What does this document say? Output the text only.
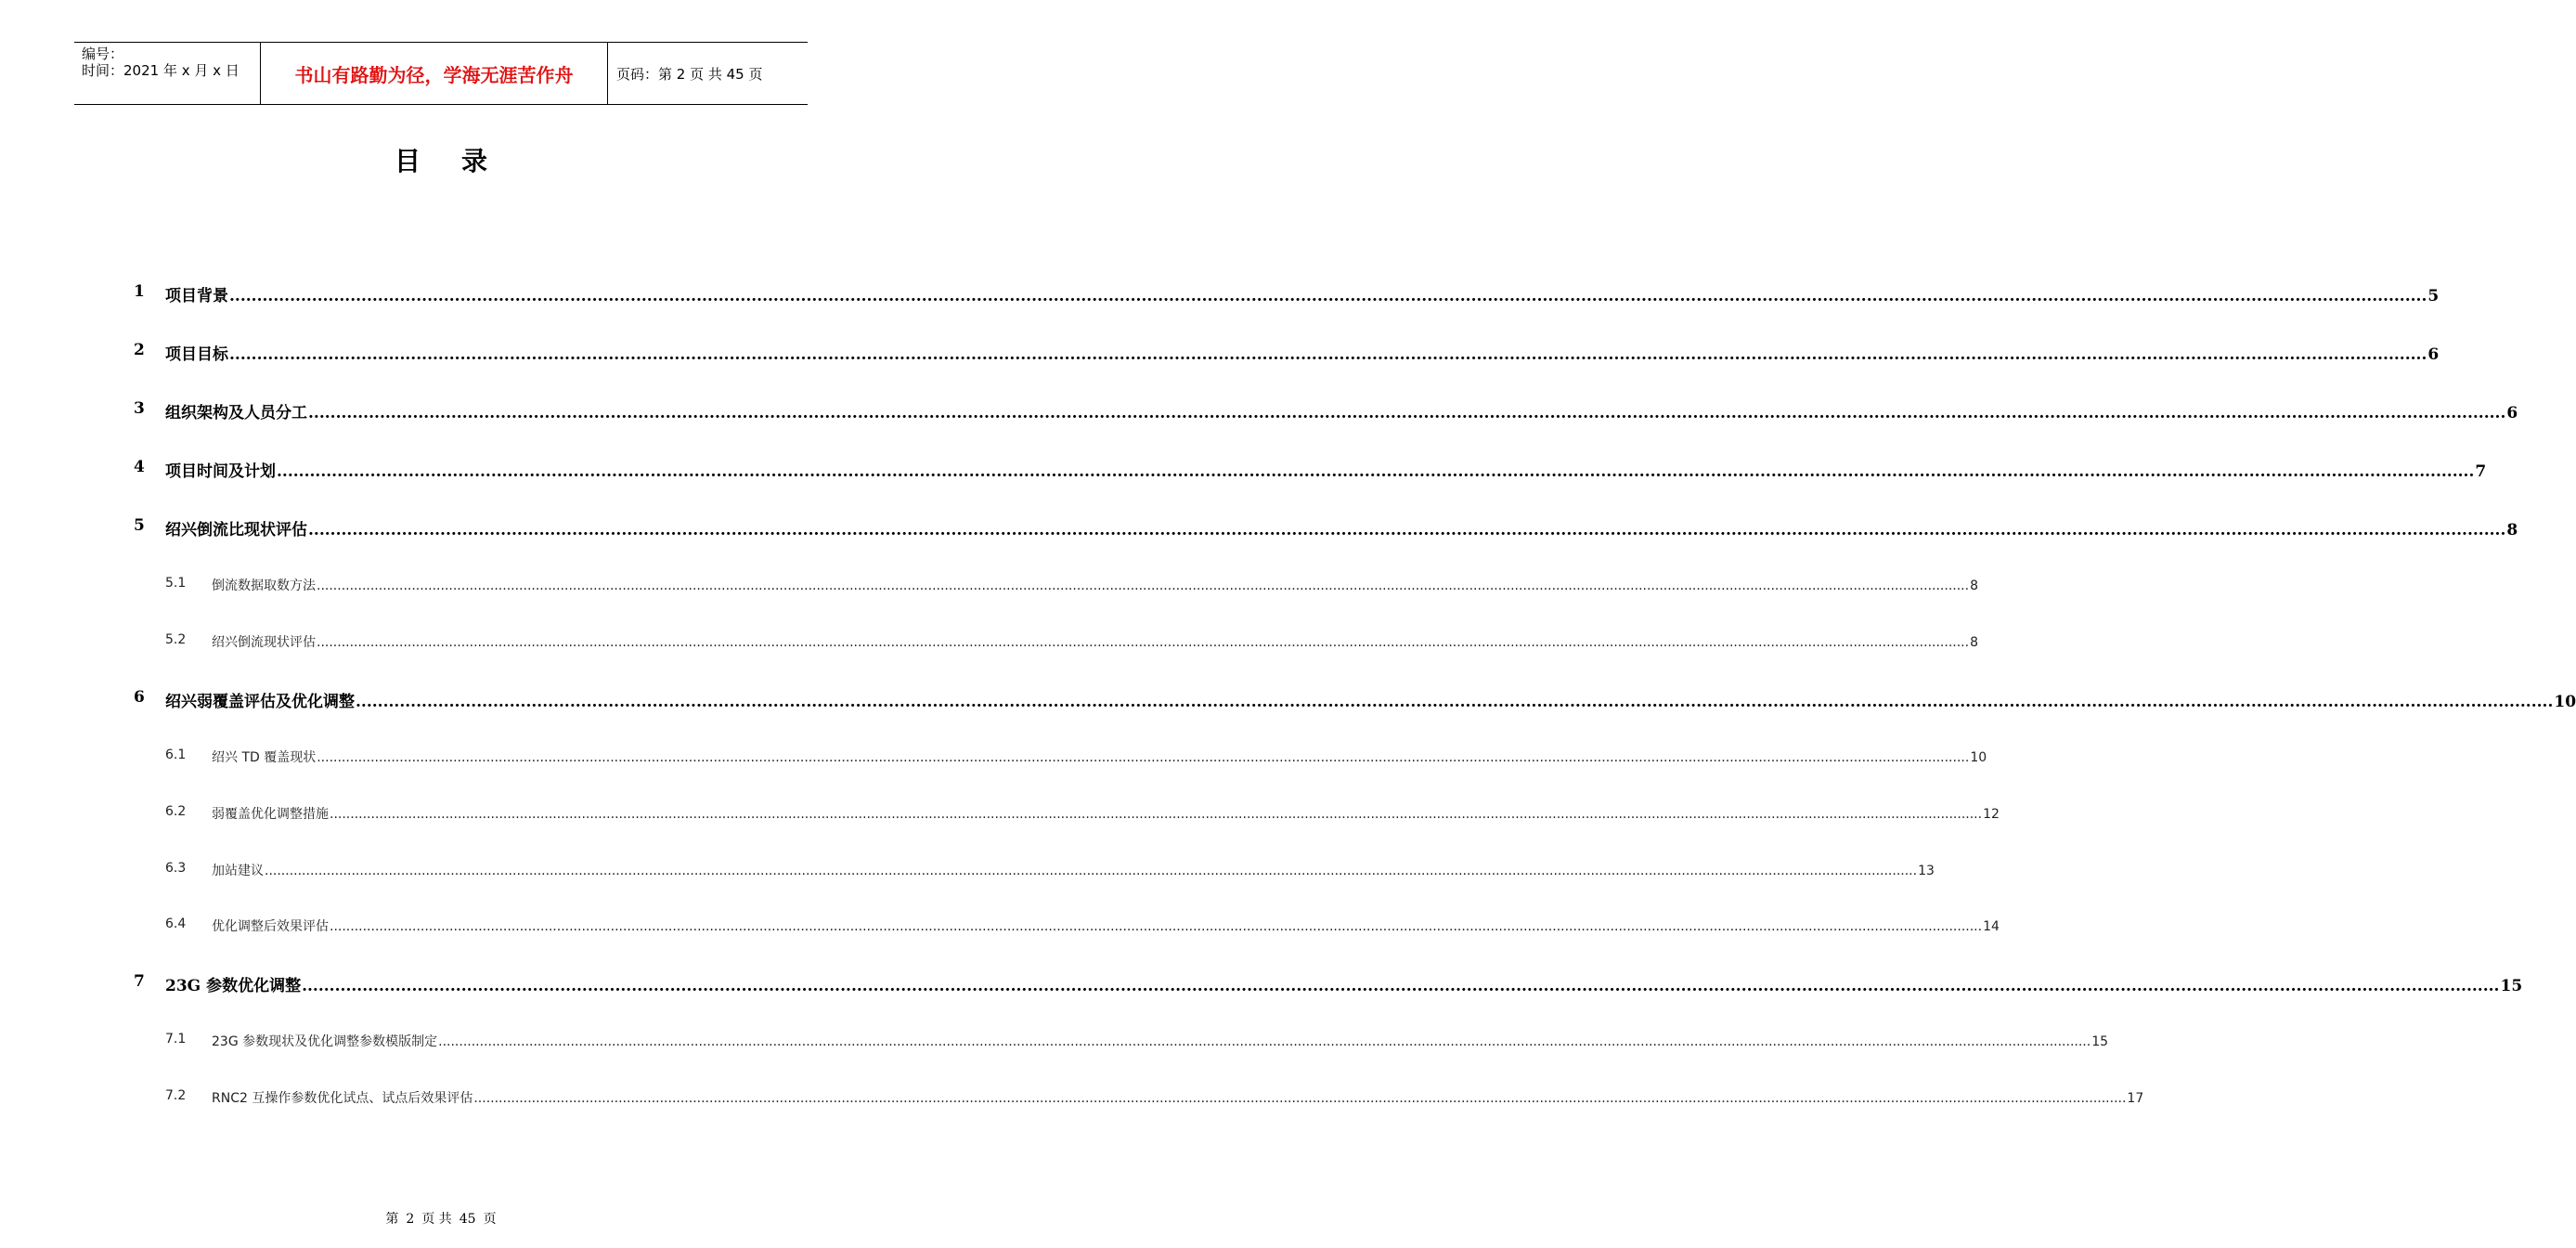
编号：
时间：2021 年 x 月 x 日	书山有路勤为径，学海无涯苦作舟	页码：第 2 页 共 45 页
目 录
1 项目背景 ................................................................................................................................................................................................................................................................................................................................................................................................................ 5
2 项目目标 ................................................................................................................................................................................................................................................................................................................................................................................................................ 6
3 组织架构及人员分工 ................................................................................................................................................................................................................................................................................................................................................................................................................ 6
4 项目时间及计划 ................................................................................................................................................................................................................................................................................................................................................................................................................ 7
5 绍兴倒流比现状评估 ................................................................................................................................................................................................................................................................................................................................................................................................................ 8
5.1 倒流数据取数方法 ................................................................................................................................................................................................................................................................................................................................................................................................................ 8
5.2 绍兴倒流现状评估 ................................................................................................................................................................................................................................................................................................................................................................................................................ 8
6 绍兴弱覆盖评估及优化调整 ................................................................................................................................................................................................................................................................................................................................................................................................................ 10
6.1 绍兴 TD 覆盖现状 ................................................................................................................................................................................................................................................................................................................................................................................................................ 10
6.2 弱覆盖优化调整措施 ................................................................................................................................................................................................................................................................................................................................................................................................................ 12
6.3 加站建议 ................................................................................................................................................................................................................................................................................................................................................................................................................ 13
6.4 优化调整后效果评估 ................................................................................................................................................................................................................................................................................................................................................................................................................ 14
7 23G 参数优化调整 ................................................................................................................................................................................................................................................................................................................................................................................................................ 15
7.1 23G 参数现状及优化调整参数模版制定 ................................................................................................................................................................................................................................................................................................................................................................................................................ 15
7.2 RNC2 互操作参数优化试点、试点后效果评估 ................................................................................................................................................................................................................................................................................................................................................................................................................ 17
第 2 页 共 45 页
